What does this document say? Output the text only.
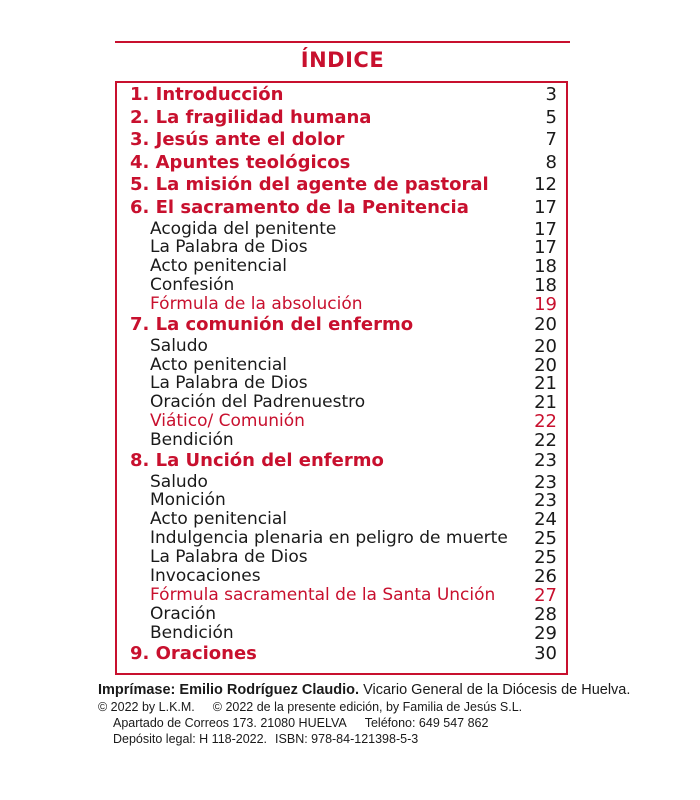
ÍNDICE
1. Introducción	3
2. La fragilidad humana	5
3. Jesús ante el dolor	7
4. Apuntes teológicos	8
5. La misión del agente de pastoral	12
6. El sacramento de la Penitencia	17
Acogida del penitente	17
La Palabra de Dios	17
Acto penitencial	18
Confesión	18
Fórmula de la absolución	19
7. La comunión del enfermo	20
Saludo	20
Acto penitencial	20
La Palabra de Dios	21
Oración del Padrenuestro	21
Viático/ Comunión	22
Bendición	22
8. La Unción del enfermo	23
Saludo	23
Monición	23
Acto penitencial	24
Indulgencia plenaria en peligro de muerte 25
La Palabra de Dios	25
Invocaciones	26
Fórmula sacramental de la Santa Unción 27
Oración	28
Bendición	29
9. Oraciones	30
Imprímase: Emilio Rodríguez Claudio. Vicario General de la Diócesis de Huelva.
© 2022 by L.K.M. © 2022 de la presente edición, by Familia de Jesús S.L.
Apartado de Correos 173. 21080 HUELVA Teléfono: 649 547 862
Depósito legal: H 118-2022. ISBN: 978-84-121398-5-3
